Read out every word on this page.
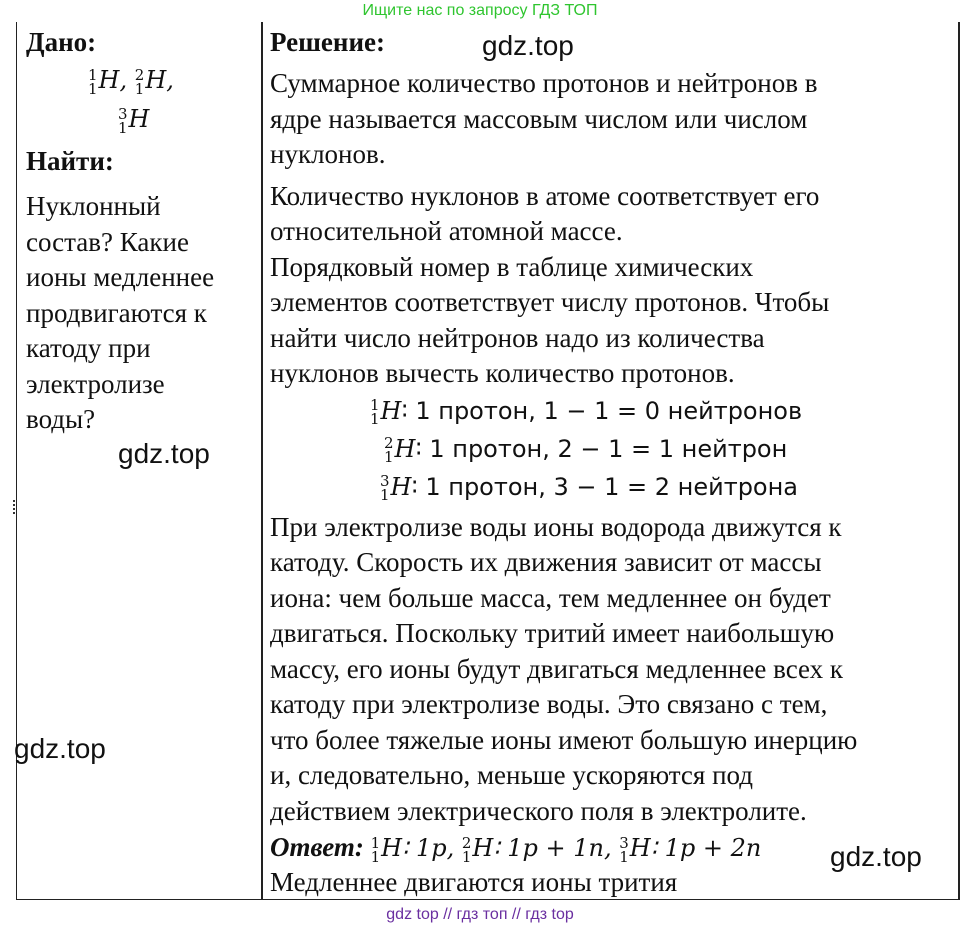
Ищите нас по запросу ГДЗ ТОП
Дано:
1
1 H, 2
1 H,
3
1 H
Найти:
Нуклонный
состав? Какие
ионы медленнее
продвигаются к
катоду при
электролизе
воды?
Решение:
Суммарное количество протонов и нейтронов в
ядре называется массовым числом или числом
нуклонов.
Количество нуклонов в атоме соответствует его
относительной атомной массе.
Порядковый номер в таблице химических
элементов соответствует числу протонов. Чтобы
найти число нейтронов надо из количества
нуклонов вычесть количество протонов.
1
1 H∶ 1 протон, 1 − 1 = 0 нейтронов
2
1 H∶ 1 протон, 2 − 1 = 1 нейтрон
3
1 H∶ 1 протон, 3 − 1 = 2 нейтрона
При электролизе воды ионы водорода движутся к
катоду. Скорость их движения зависит от массы
иона: чем больше масса, тем медленнее он будет
двигаться. Поскольку тритий имеет наибольшую
массу, его ионы будут двигаться медленнее всех к
катоду при электролизе воды. Это связано с тем,
что более тяжелые ионы имеют большую инерцию
и, следовательно, меньше ускоряются под
действием электрического поля в электролите.
Ответ: 1
1 H∶ 1p, 2
1 H∶ 1p + 1n, 3
1 H∶ 1p + 2n
Медленнее двигаются ионы трития
gdz.top
gdz.top
gdz.top
gdz.top
gdz top // гдз топ // гдз top
